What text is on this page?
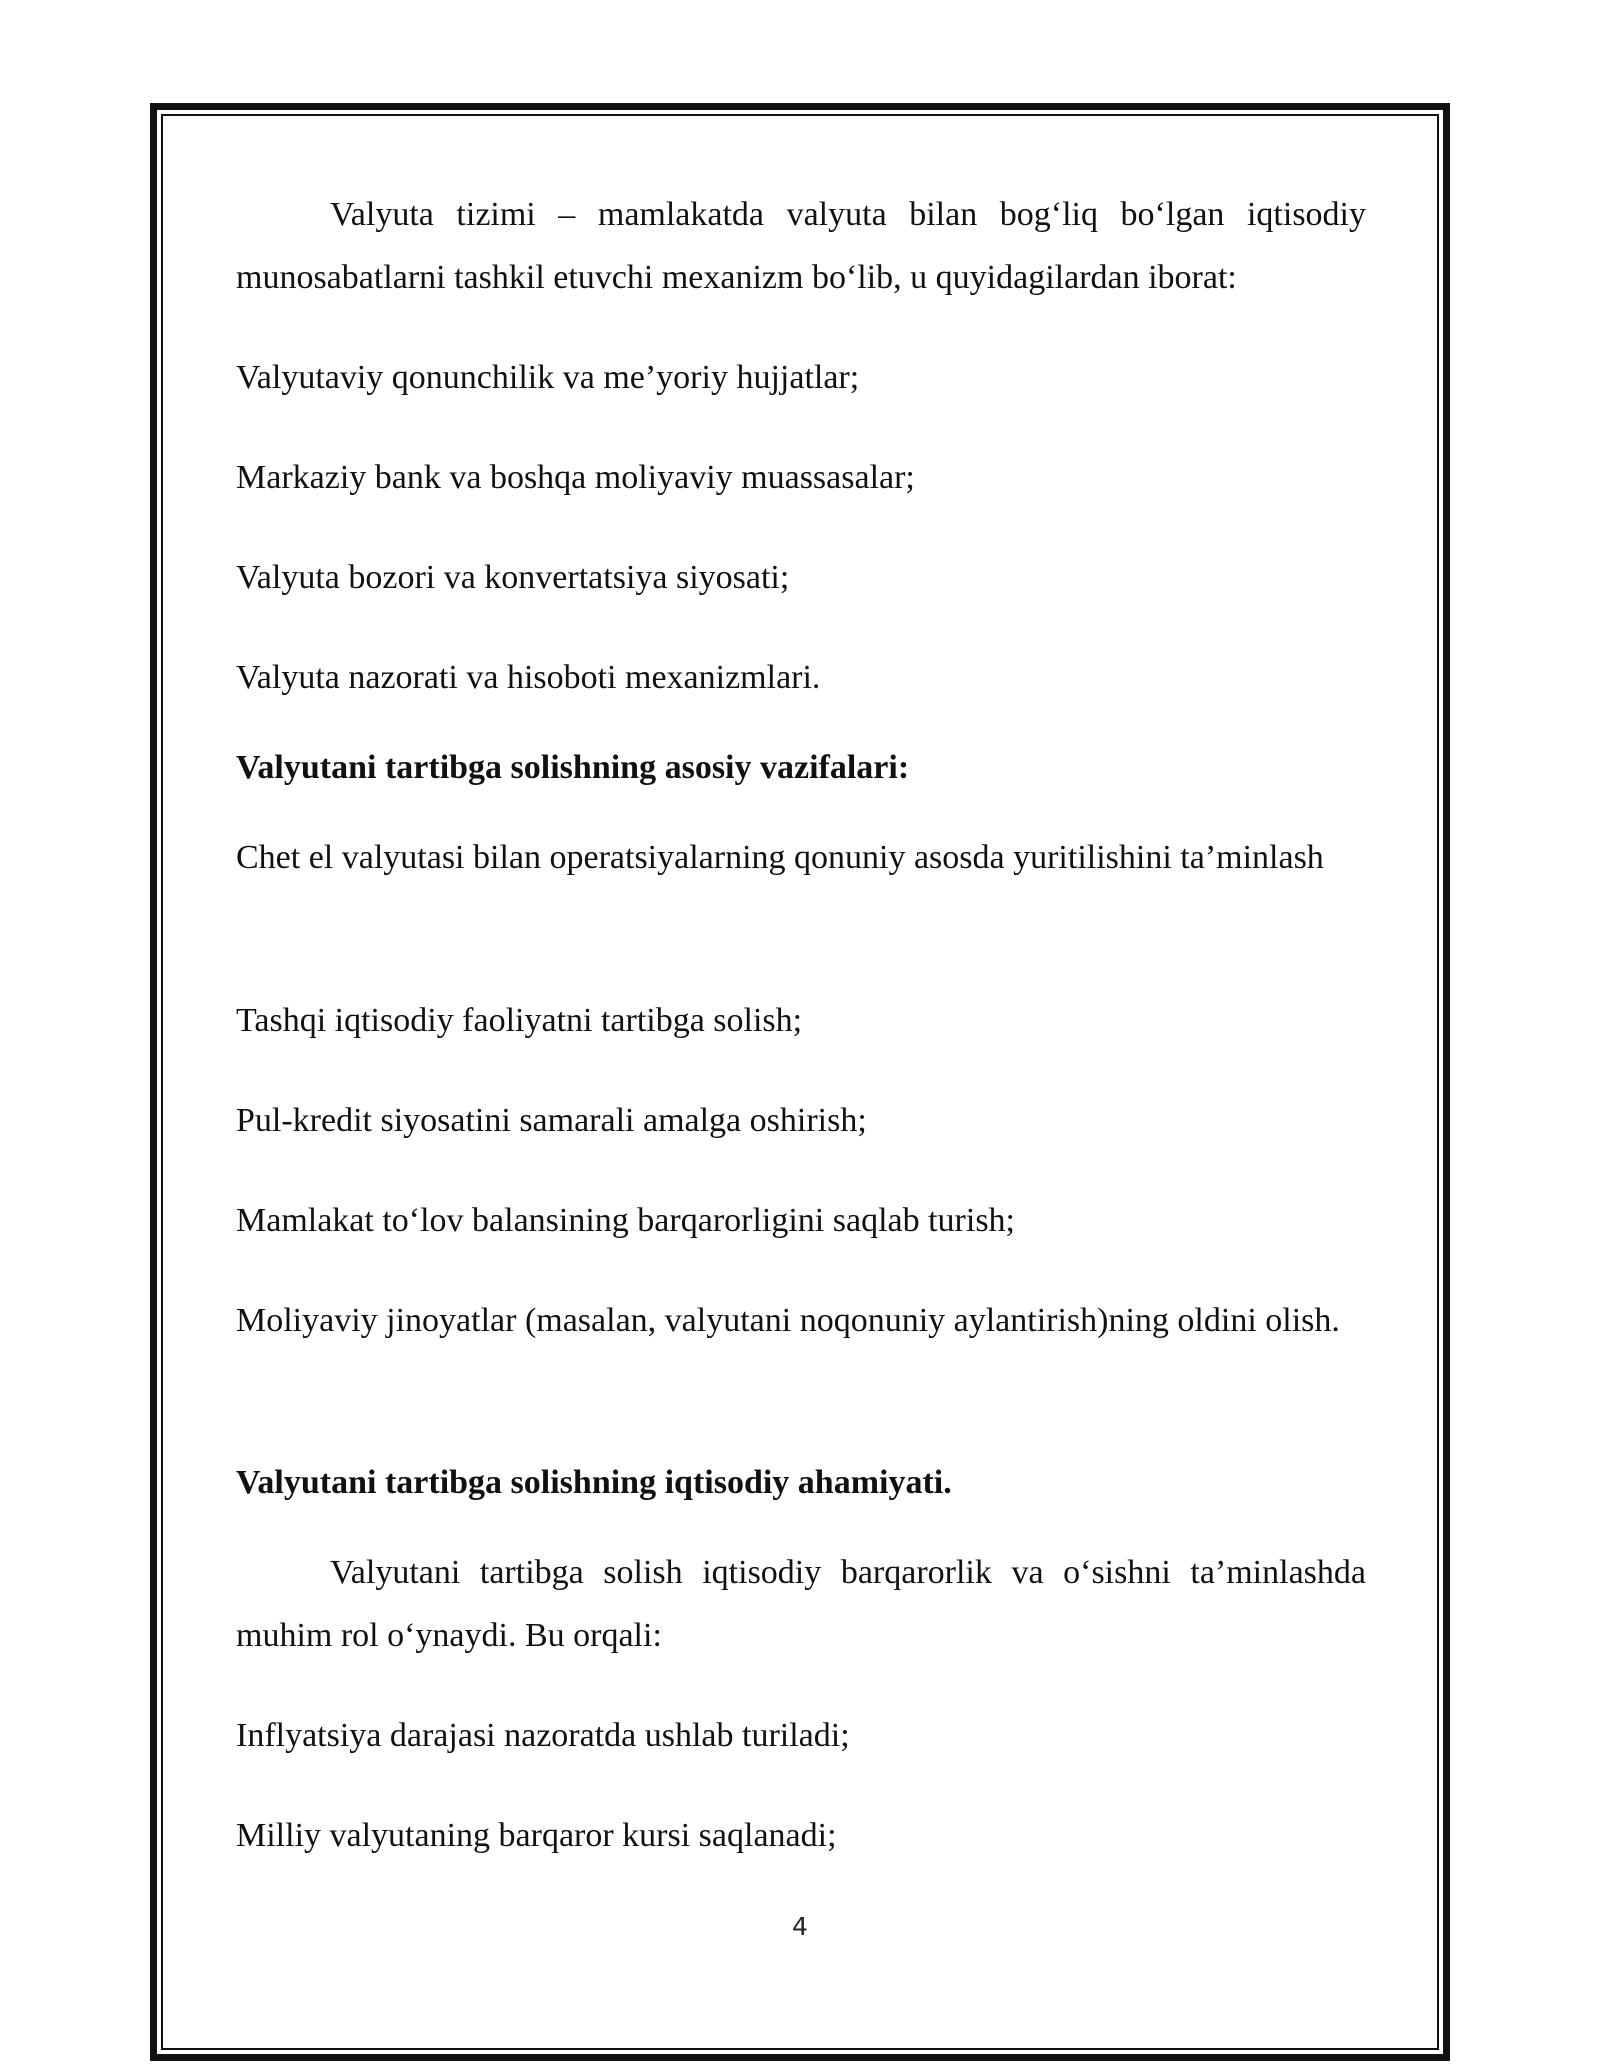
Valyuta tizimi – mamlakatda valyuta bilan bog‘liq bo‘lgan iqtisodiy munosabatlarni tashkil etuvchi mexanizm bo‘lib, u quyidagilardan iborat:

Valyutaviy qonunchilik va me’yoriy hujjatlar;

Markaziy bank va boshqa moliyaviy muassasalar;

Valyuta bozori va konvertatsiya siyosati;

Valyuta nazorati va hisoboti mexanizmlari.

Valyutani tartibga solishning asosiy vazifalari:

Chet el valyutasi bilan operatsiyalarning qonuniy asosda yuritilishini ta’minlash

Tashqi iqtisodiy faoliyatni tartibga solish;

Pul-kredit siyosatini samarali amalga oshirish;

Mamlakat to‘lov balansining barqarorligini saqlab turish;

Moliyaviy jinoyatlar (masalan, valyutani noqonuniy aylantirish)ning oldini olish.

Valyutani tartibga solishning iqtisodiy ahamiyati.

Valyutani tartibga solish iqtisodiy barqarorlik va o‘sishni ta’minlashda muhim rol o‘ynaydi. Bu orqali:

Inflyatsiya darajasi nazoratda ushlab turiladi;

Milliy valyutaning barqaror kursi saqlanadi;

4
